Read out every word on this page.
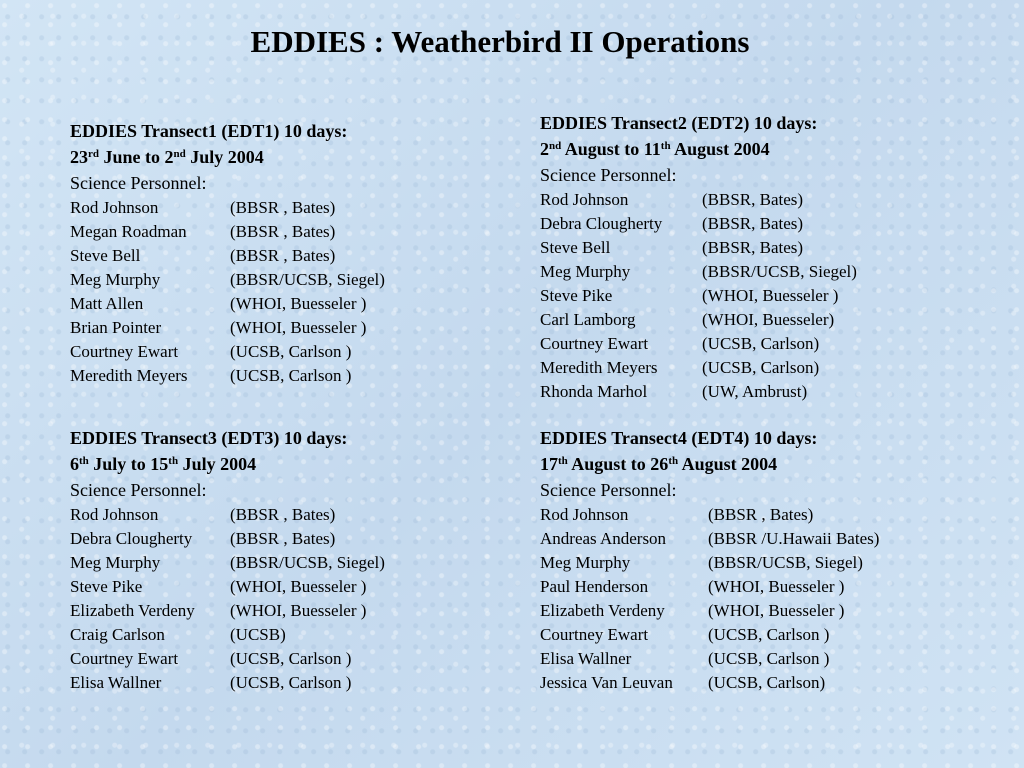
EDDIES : Weatherbird II Operations
EDDIES Transect1 (EDT1) 10 days:
23rd June to 2nd July 2004
Science Personnel:
Rod Johnson	(BBSR , Bates)
Megan Roadman	(BBSR , Bates)
Steve Bell	(BBSR , Bates)
Meg Murphy	(BBSR/UCSB, Siegel)
Matt Allen	(WHOI, Buesseler )
Brian Pointer	(WHOI, Buesseler )
Courtney Ewart	(UCSB, Carlson )
Meredith Meyers (UCSB, Carlson )
EDDIES Transect2 (EDT2) 10 days:
2nd August to 11th August 2004
Science Personnel:
Rod Johnson	(BBSR, Bates)
Debra Clougherty (BBSR, Bates)
Steve Bell	(BBSR, Bates)
Meg Murphy	(BBSR/UCSB, Siegel)
Steve Pike	(WHOI, Buesseler )
Carl Lamborg	(WHOI, Buesseler)
Courtney Ewart	(UCSB, Carlson)
Meredith Meyers	(UCSB, Carlson)
Rhonda Marhol	(UW, Ambrust)
EDDIES Transect3 (EDT3) 10 days:
6th July to 15th July 2004
Science Personnel:
Rod Johnson	(BBSR , Bates)
Debra Clougherty (BBSR , Bates)
Meg Murphy	(BBSR/UCSB, Siegel)
Steve Pike	(WHOI, Buesseler )
Elizabeth Verdeny (WHOI, Buesseler )
Craig Carlson	(UCSB)
Courtney Ewart	(UCSB, Carlson )
Elisa Wallner	(UCSB, Carlson )
EDDIES Transect4 (EDT4) 10 days:
17th August to 26th August 2004
Science Personnel:
Rod Johnson	(BBSR , Bates)
Andreas Anderson (BBSR /U.Hawaii Bates)
Meg Murphy	(BBSR/UCSB, Siegel)
Paul Henderson	(WHOI, Buesseler )
Elizabeth Verdeny	(WHOI, Buesseler )
Courtney Ewart	(UCSB, Carlson )
Elisa Wallner	(UCSB, Carlson )
Jessica Van Leuvan (UCSB, Carlson)
